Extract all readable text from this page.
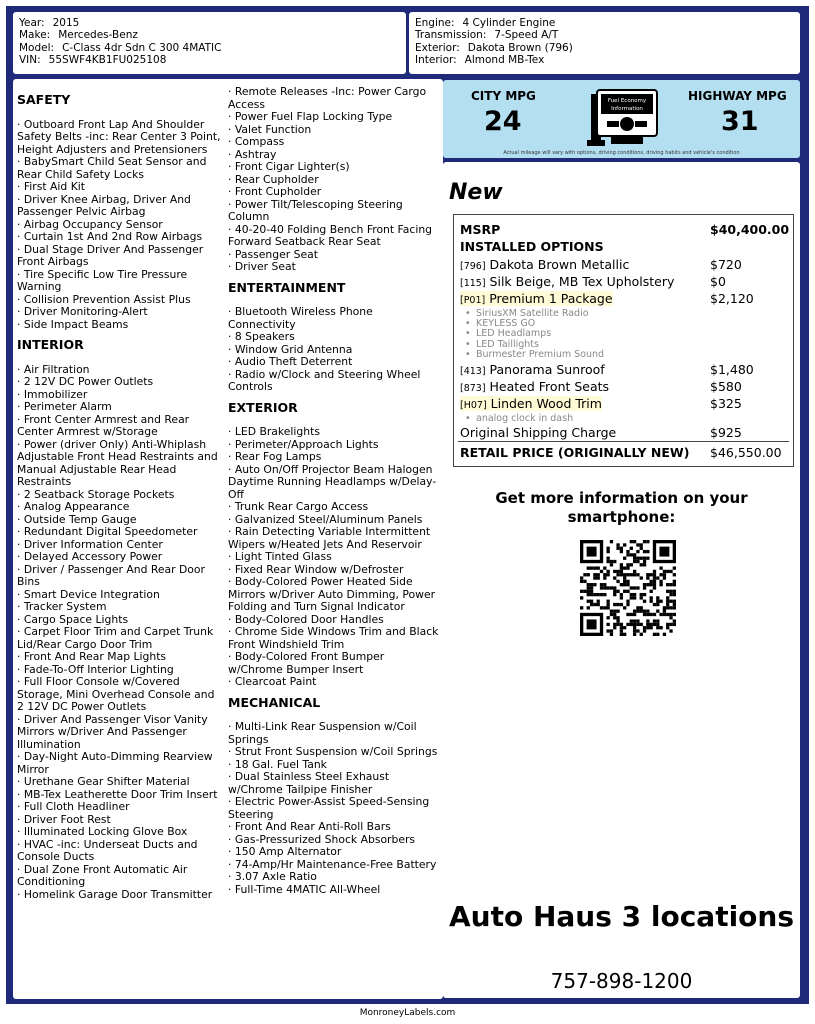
Year: 2015
Make: Mercedes-Benz
Model: C-Class 4dr Sdn C 300 4MATIC
VIN: 55SWF4KB1FU025108
Engine: 4 Cylinder Engine
Transmission: 7-Speed A/T
Exterior: Dakota Brown (796)
Interior: Almond MB-Tex
SAFETY
· Outboard Front Lap And Shoulder Safety Belts -inc: Rear Center 3 Point, Height Adjusters and Pretensioners
· BabySmart Child Seat Sensor and Rear Child Safety Locks
· First Aid Kit
· Driver Knee Airbag, Driver And Passenger Pelvic Airbag
· Airbag Occupancy Sensor
· Curtain 1st And 2nd Row Airbags
· Dual Stage Driver And Passenger Front Airbags
· Tire Specific Low Tire Pressure Warning
· Collision Prevention Assist Plus
· Driver Monitoring-Alert
· Side Impact Beams
INTERIOR
· Air Filtration
· 2 12V DC Power Outlets
· Immobilizer
· Perimeter Alarm
· Front Center Armrest and Rear Center Armrest w/Storage
· Power (driver Only) Anti-Whiplash Adjustable Front Head Restraints and Manual Adjustable Rear Head Restraints
· 2 Seatback Storage Pockets
· Analog Appearance
· Outside Temp Gauge
· Redundant Digital Speedometer
· Driver Information Center
· Delayed Accessory Power
· Driver / Passenger And Rear Door Bins
· Smart Device Integration
· Tracker System
· Cargo Space Lights
· Carpet Floor Trim and Carpet Trunk Lid/Rear Cargo Door Trim
· Front And Rear Map Lights
· Fade-To-Off Interior Lighting
· Full Floor Console w/Covered Storage, Mini Overhead Console and 2 12V DC Power Outlets
· Driver And Passenger Visor Vanity Mirrors w/Driver And Passenger Illumination
· Day-Night Auto-Dimming Rearview Mirror
· Urethane Gear Shifter Material
· MB-Tex Leatherette Door Trim Insert
· Full Cloth Headliner
· Driver Foot Rest
· Illuminated Locking Glove Box
· HVAC -inc: Underseat Ducts and Console Ducts
· Dual Zone Front Automatic Air Conditioning
· Homelink Garage Door Transmitter
· Remote Releases -Inc: Power Cargo Access
· Power Fuel Flap Locking Type
· Valet Function
· Compass
· Ashtray
· Front Cigar Lighter(s)
· Rear Cupholder
· Front Cupholder
· Power Tilt/Telescoping Steering Column
· 40-20-40 Folding Bench Front Facing Forward Seatback Rear Seat
· Passenger Seat
· Driver Seat
ENTERTAINMENT
· Bluetooth Wireless Phone Connectivity
· 8 Speakers
· Window Grid Antenna
· Audio Theft Deterrent
· Radio w/Clock and Steering Wheel Controls
EXTERIOR
· LED Brakelights
· Perimeter/Approach Lights
· Rear Fog Lamps
· Auto On/Off Projector Beam Halogen Daytime Running Headlamps w/Delay-Off
· Trunk Rear Cargo Access
· Galvanized Steel/Aluminum Panels
· Rain Detecting Variable Intermittent Wipers w/Heated Jets And Reservoir
· Light Tinted Glass
· Fixed Rear Window w/Defroster
· Body-Colored Power Heated Side Mirrors w/Driver Auto Dimming, Power Folding and Turn Signal Indicator
· Body-Colored Door Handles
· Chrome Side Windows Trim and Black Front Windshield Trim
· Body-Colored Front Bumper w/Chrome Bumper Insert
· Clearcoat Paint
MECHANICAL
· Multi-Link Rear Suspension w/Coil Springs
· Strut Front Suspension w/Coil Springs
· 18 Gal. Fuel Tank
· Dual Stainless Steel Exhaust w/Chrome Tailpipe Finisher
· Electric Power-Assist Speed-Sensing Steering
· Front And Rear Anti-Roll Bars
· Gas-Pressurized Shock Absorbers
· 150 Amp Alternator
· 74-Amp/Hr Maintenance-Free Battery
· 3.07 Axle Ratio
· Full-Time 4MATIC All-Wheel
CITY MPG
24
HIGHWAY MPG
31
Fuel Economy
Information
Actual mileage will vary with options, driving conditions, driving habits and vehicle's condition
New
MSRP	$40,400.00
INSTALLED OPTIONS
[796] Dakota Brown Metallic	$720
[115] Silk Beige, MB Tex Upholstery	$0
[P01] Premium 1 Package	$2,120
• SiriusXM Satellite Radio
• KEYLESS GO
• LED Headlamps
• LED Taillights
• Burmester Premium Sound
[413] Panorama Sunroof	$1,480
[873] Heated Front Seats	$580
[H07] Linden Wood Trim	$325
• analog clock in dash
Original Shipping Charge	$925
RETAIL PRICE (ORIGINALLY NEW) $46,550.00
Get more information on your smartphone:
Auto Haus 3 locations
757-898-1200
MonroneyLabels.com
